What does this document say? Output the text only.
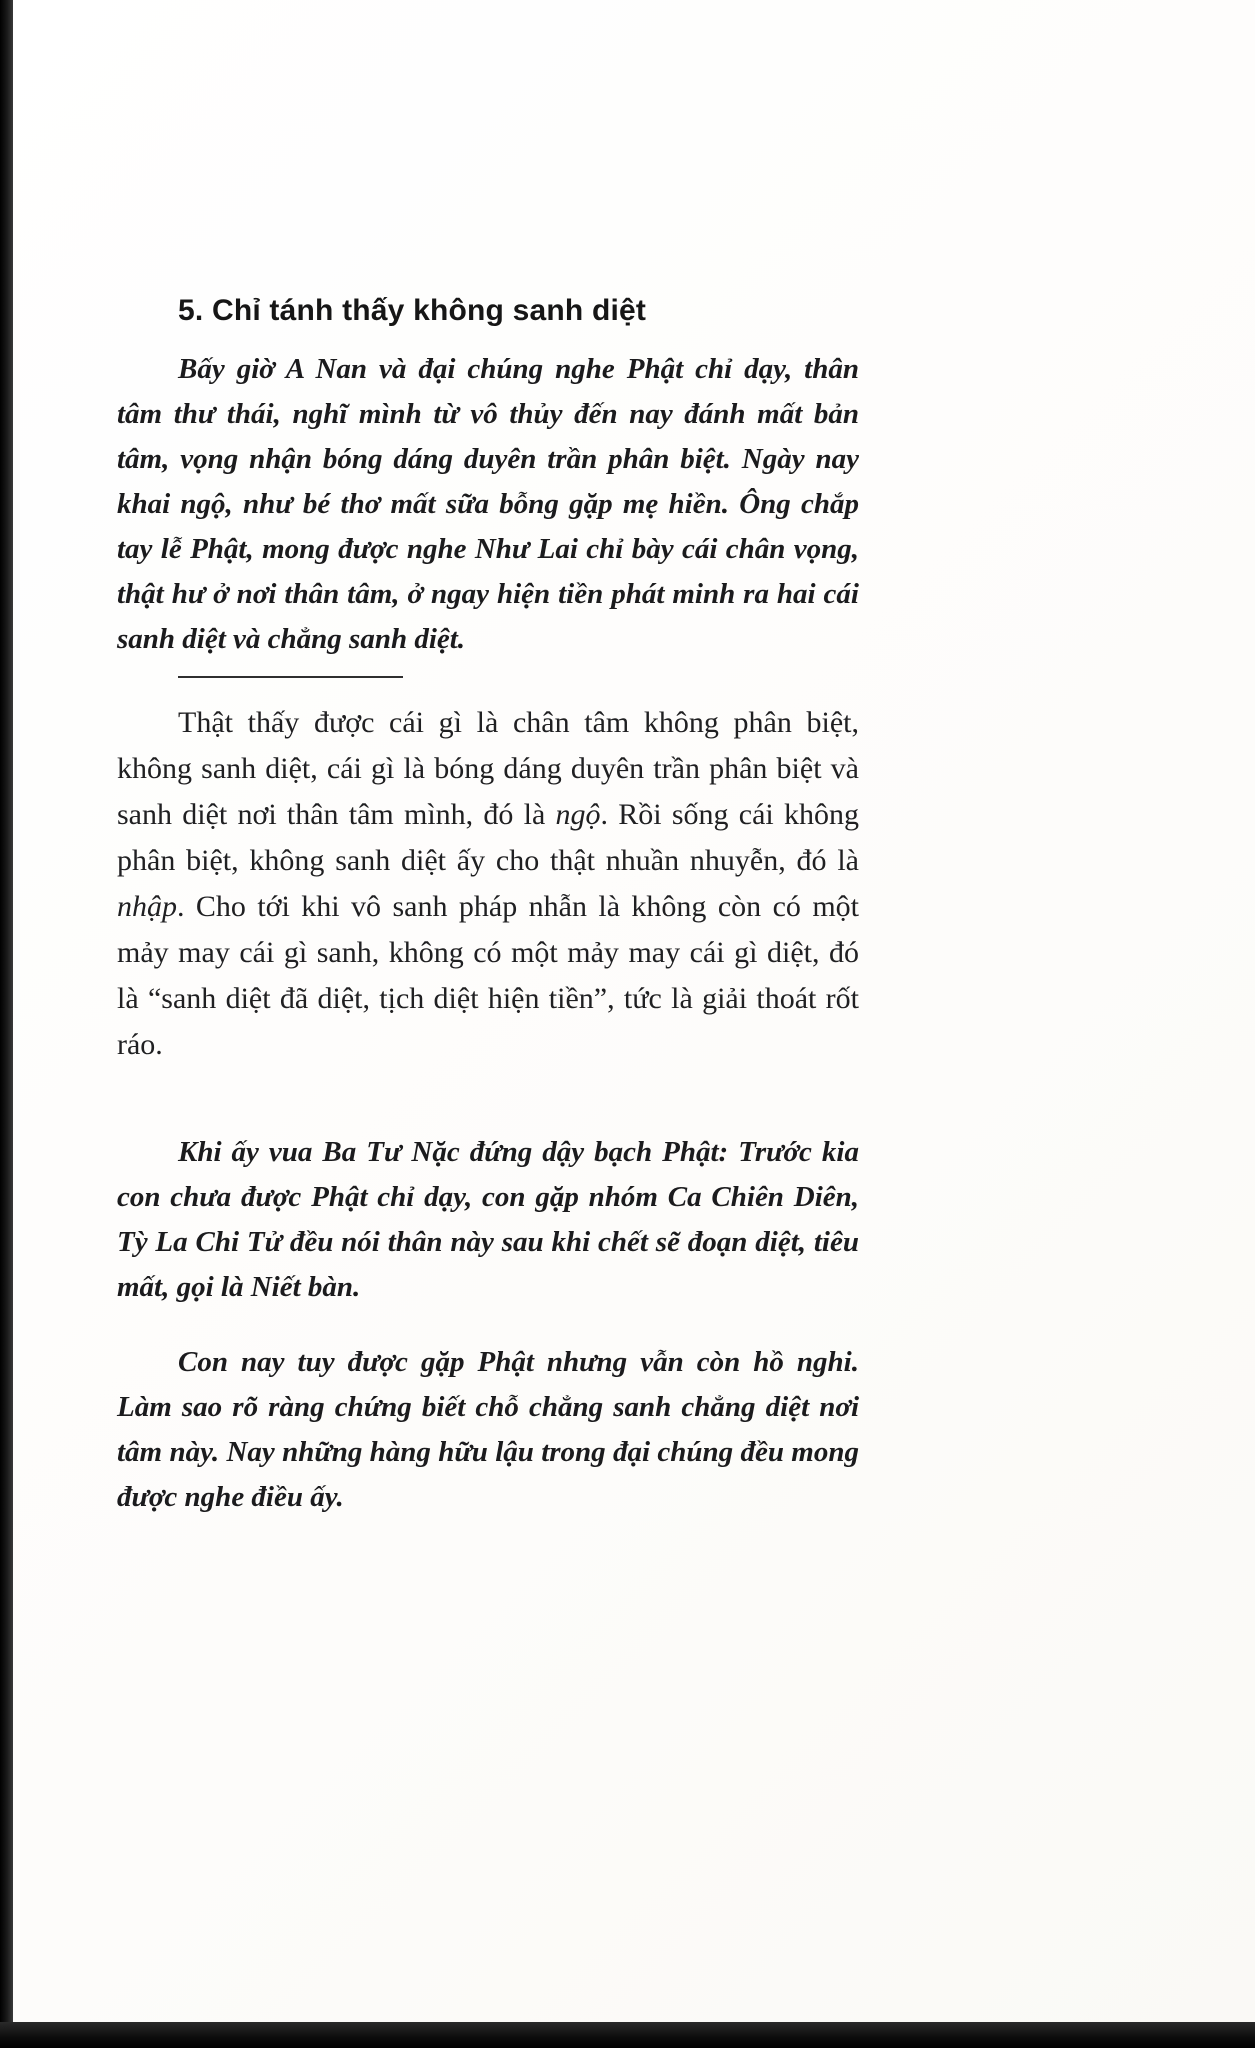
5. Chỉ tánh thấy không sanh diệt

Bấy giờ A Nan và đại chúng nghe Phật chỉ dạy, thân tâm thư thái, nghĩ mình từ vô thủy đến nay đánh mất bản tâm, vọng nhận bóng dáng duyên trần phân biệt. Ngày nay khai ngộ, như bé thơ mất sữa bỗng gặp mẹ hiền. Ông chắp tay lễ Phật, mong được nghe Như Lai chỉ bày cái chân vọng, thật hư ở nơi thân tâm, ở ngay hiện tiền phát minh ra hai cái sanh diệt và chẳng sanh diệt.

Thật thấy được cái gì là chân tâm không phân biệt, không sanh diệt, cái gì là bóng dáng duyên trần phân biệt và sanh diệt nơi thân tâm mình, đó là ngộ. Rồi sống cái không phân biệt, không sanh diệt ấy cho thật nhuần nhuyễn, đó là nhập. Cho tới khi vô sanh pháp nhẫn là không còn có một mảy may cái gì sanh, không có một mảy may cái gì diệt, đó là “sanh diệt đã diệt, tịch diệt hiện tiền”, tức là giải thoát rốt ráo.

Khi ấy vua Ba Tư Nặc đứng dậy bạch Phật: Trước kia con chưa được Phật chỉ dạy, con gặp nhóm Ca Chiên Diên, Tỳ La Chi Tử đều nói thân này sau khi chết sẽ đoạn diệt, tiêu mất, gọi là Niết bàn.

Con nay tuy được gặp Phật nhưng vẫn còn hồ nghi. Làm sao rõ ràng chứng biết chỗ chẳng sanh chẳng diệt nơi tâm này. Nay những hàng hữu lậu trong đại chúng đều mong được nghe điều ấy.
